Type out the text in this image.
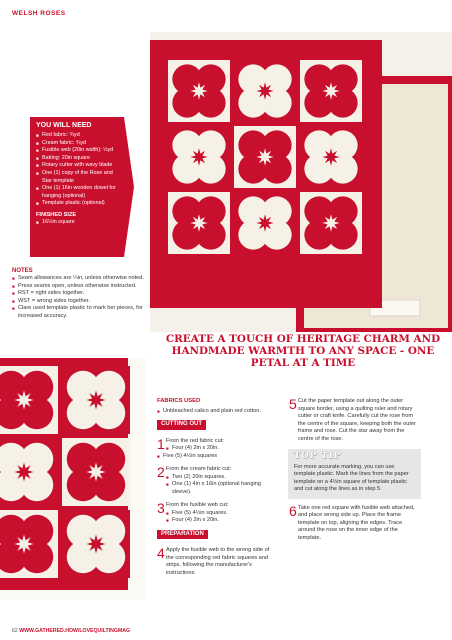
WELSH ROSES
YOU WILL NEED
■ Red fabric: ¾yd
■ Cream fabric: ¾yd
■ Fusible web (20in width): ½yd
■ Batting: 20in square
■ Rotary cutter with wavy blade
■ One (1) copy of the Rose and Star template
■ One (1) 16in wooden dowel for hanging (optional)
■ Template plastic (optional)
FINISHED SIZE
■ 16½in square
NOTES
■ Seam allowances are ¼in, unless otherwise noted.
■ Press seams open, unless otherwise instructed.
■ RST = right sides together.
■ WST = wrong sides together.
■ Clare used template plastic to mark her pieces, for increased accuracy.
CREATE A TOUCH OF HERITAGE CHARM AND HANDMADE WARMTH TO ANY SPACE - ONE PETAL AT A TIME
FABRICS USED
■ Unbleached calico and plain red cotton.
CUTTING OUT
1 From the red fabric cut:

■ Four (4) 2in x 20in.
■ Five (5) 4½in squares
2 From the cream fabric cut:

■ Two (2) 20in squares.
■ One (1) 4in x 16in (optional hanging sleeve).
3 From the fusible web cut:

■ Five (5) 4½in squares.
■ Four (4) 2in x 20in.
PREPARATION
4 Apply the fusible web to the wrong side of the corresponding red fabric squares and strips, following the manufacturer's instructions.

5 Cut the paper template out along the outer square border, using a quilting ruler and rotary cutter or craft knife. Carefully cut the rose from the centre of the square, keeping both the outer frame and rose. Cut the star away from the centre of the rose.

TOP TIP
For more accurate marking, you can use template plastic. Mark the lines from the paper template on a 4½in square of template plastic and cut along the lines as in step 5.
6 Take one red square with fusible web attached, and place wrong side up. Place the frame template on top, aligning the edges. Trace around the rose on the inner edge of the template.

62 WWW.GATHERED.HOW/LOVEQUILTINGMAG
